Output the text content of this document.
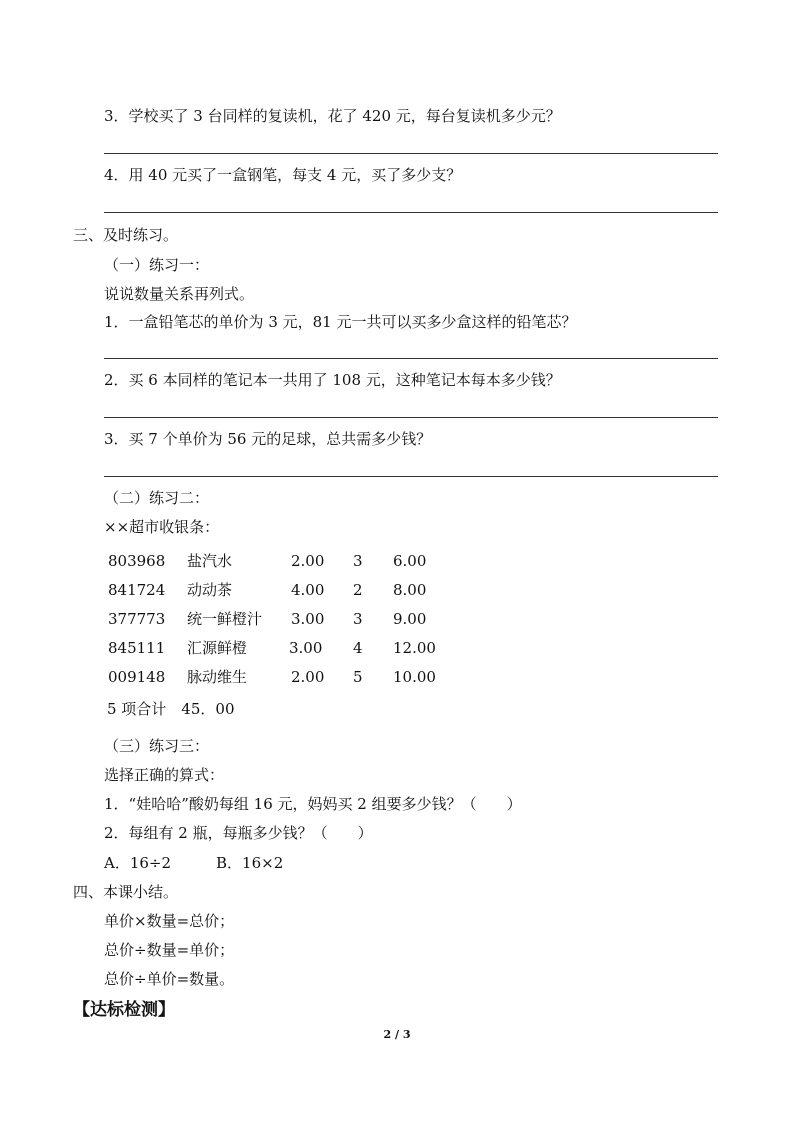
3．学校买了 3 台同样的复读机，花了 420 元，每台复读机多少元？
4．用 40 元买了一盒钢笔，每支 4 元，买了多少支？
三、及时练习。
（一）练习一：
说说数量关系再列式。
1．一盒铅笔芯的单价为 3 元，81 元一共可以买多少盒这样的铅笔芯？
2．买 6 本同样的笔记本一共用了 108 元，这种笔记本每本多少钱？
3．买 7 个单价为 56 元的足球，总共需多少钱？
（二）练习二：
××超市收银条：
803968 盐汽水	2.00 3 6.00
841724 动动茶	4.00 2 8.00
377773 统一鲜橙汁 3.00 3 9.00
845111 汇源鲜橙	3.00 4 12.00
009148 脉动维生	2.00 5 10.00
5 项合计　45．00
（三）练习三：
选择正确的算式：
1．“娃哈哈”酸奶每组 16 元，妈妈买 2 组要多少钱？（　　）
2．每组有 2 瓶，每瓶多少钱？（　　）
A．16÷2　　　B．16×2
四、本课小结。
单价×数量=总价；
总价÷数量=单价；
总价÷单价=数量。
【达标检测】
2 / 3
